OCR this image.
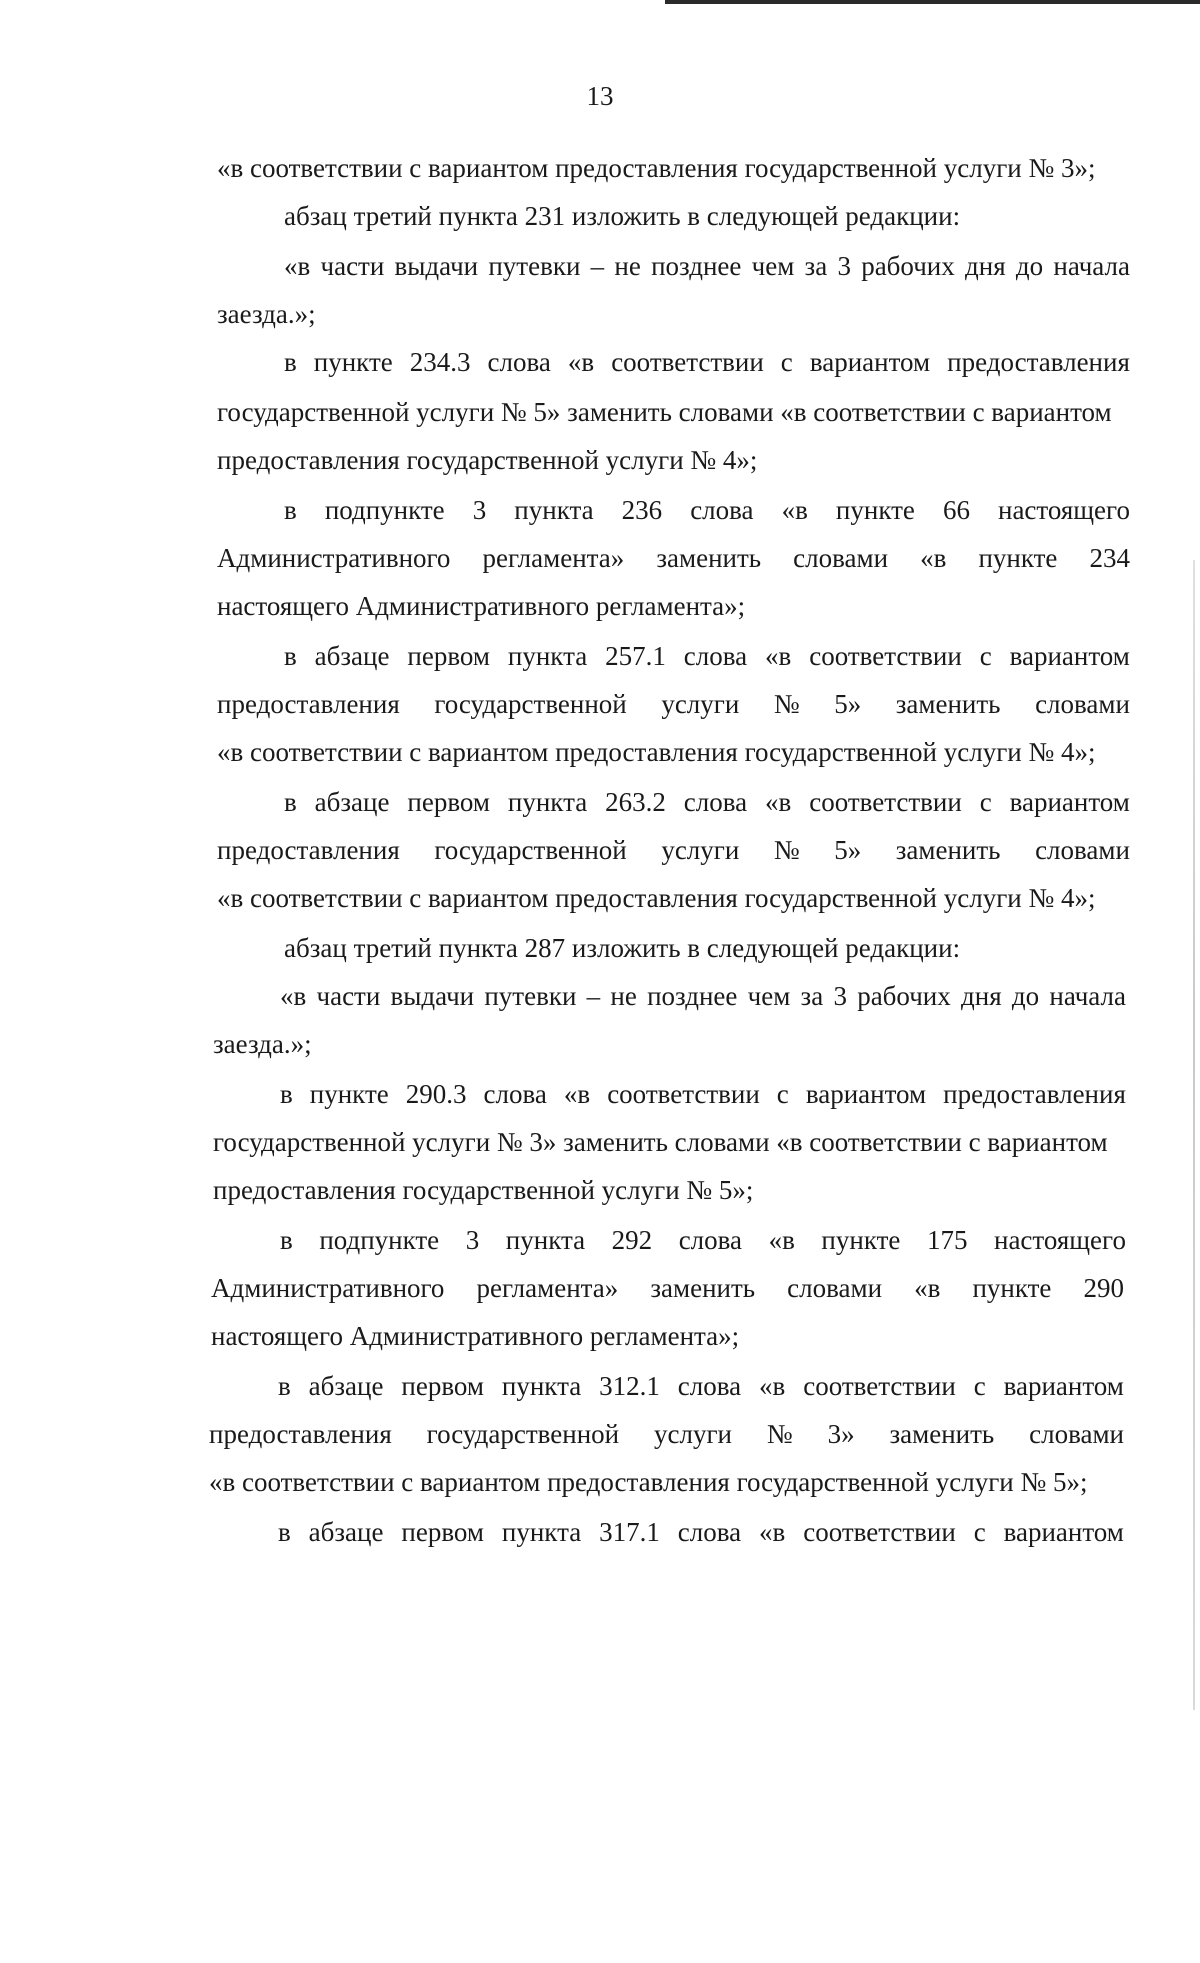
13
«в соответствии с вариантом предоставления государственной услуги № 3»;
абзац третий пункта 231 изложить в следующей редакции:
«в части выдачи путевки – не позднее чем за 3 рабочих дня до начала
заезда.»;
в пункте 234.3 слова «в соответствии с вариантом предоставления
государственной услуги № 5» заменить словами «в соответствии с вариантом
предоставления государственной услуги № 4»;
в подпункте 3 пункта 236 слова «в пункте 66 настоящего
Административного регламента» заменить словами «в пункте 234
настоящего Административного регламента»;
в абзаце первом пункта 257.1 слова «в соответствии с вариантом
предоставления государственной услуги № 5» заменить словами
«в соответствии с вариантом предоставления государственной услуги № 4»;
в абзаце первом пункта 263.2 слова «в соответствии с вариантом
предоставления государственной услуги № 5» заменить словами
«в соответствии с вариантом предоставления государственной услуги № 4»;
абзац третий пункта 287 изложить в следующей редакции:
«в части выдачи путевки – не позднее чем за 3 рабочих дня до начала
заезда.»;
в пункте 290.3 слова «в соответствии с вариантом предоставления
государственной услуги № 3» заменить словами «в соответствии с вариантом
предоставления государственной услуги № 5»;
в подпункте 3 пункта 292 слова «в пункте 175 настоящего
Административного регламента» заменить словами «в пункте 290
настоящего Административного регламента»;
в абзаце первом пункта 312.1 слова «в соответствии с вариантом
предоставления государственной услуги № 3» заменить словами
«в соответствии с вариантом предоставления государственной услуги № 5»;
в абзаце первом пункта 317.1 слова «в соответствии с вариантом
